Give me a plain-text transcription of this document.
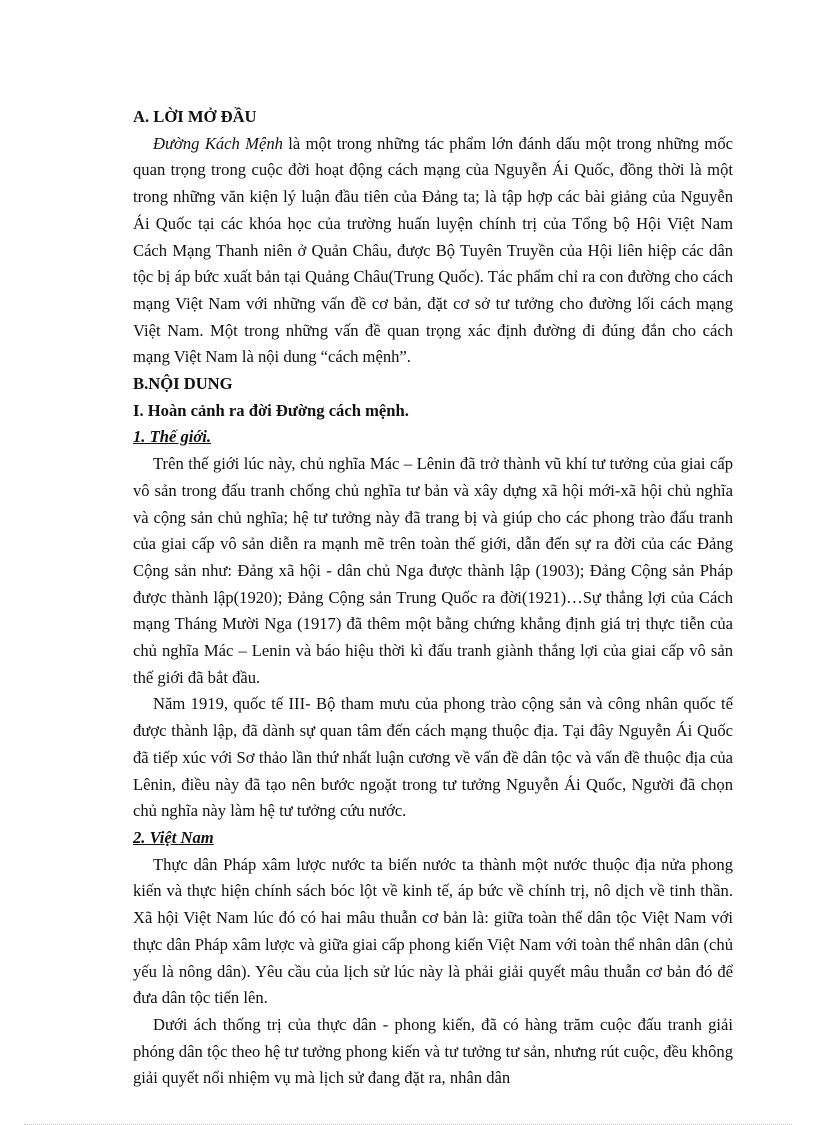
A. LỜI MỞ ĐẦU

Đường Kách Mệnh là một trong những tác phẩm lớn đánh dấu một trong những mốc quan trọng trong cuộc đời hoạt động cách mạng của Nguyễn Ái Quốc, đồng thời là một trong những văn kiện lý luận đầu tiên của Đảng ta; là tập hợp các bài giảng của Nguyễn Ái Quốc tại các khóa học của trường huấn luyện chính trị của Tổng bộ Hội Việt Nam Cách Mạng Thanh niên ở Quản Châu, được Bộ Tuyên Truyền của Hội liên hiệp các dân tộc bị áp bức xuất bản tại Quảng Châu(Trung Quốc). Tác phẩm chỉ ra con đường cho cách mạng Việt Nam với những vấn đề cơ bản, đặt cơ sở tư tưởng cho đường lối cách mạng Việt Nam. Một trong những vấn đề quan trọng xác định đường đi đúng đắn cho cách mạng Việt Nam là nội dung “cách mệnh”.

B.NỘI DUNG
I. Hoàn cảnh ra đời Đường cách mệnh.
1. Thế giới.

Trên thế giới lúc này, chủ nghĩa Mác – Lênin đã trở thành vũ khí tư tưởng của giai cấp vô sản trong đấu tranh chống chủ nghĩa tư bản và xây dựng xã hội mới-xã hội chủ nghĩa và cộng sản chủ nghĩa; hệ tư tưởng này đã trang bị và giúp cho các phong trào đấu tranh của giai cấp vô sản diễn ra mạnh mẽ trên toàn thế giới, dẫn đến sự ra đời của các Đảng Cộng sản như: Đảng xã hội - dân chủ Nga được thành lập (1903); Đảng Cộng sản Pháp được thành lập(1920); Đảng Cộng sản Trung Quốc ra đời(1921)…Sự thắng lợi của Cách mạng Tháng Mười Nga (1917) đã thêm một bằng chứng khẳng định giá trị thực tiễn của chủ nghĩa Mác – Lenin và báo hiệu thời kì đấu tranh giành thắng lợi của giai cấp vô sản thế giới đã bắt đầu.

Năm 1919, quốc tế III- Bộ tham mưu của phong trào cộng sản và công nhân quốc tế được thành lập, đã dành sự quan tâm đến cách mạng thuộc địa. Tại đây Nguyễn Ái Quốc đã tiếp xúc với Sơ thảo lần thứ nhất luận cương về vấn đề dân tộc và vấn đề thuộc địa của Lênin, điều này đã tạo nên bước ngoặt trong tư tưởng Nguyễn Ái Quốc, Người đã chọn chủ nghĩa này làm hệ tư tưởng cứu nước.

2. Việt Nam

Thực dân Pháp xâm lược nước ta biến nước ta thành một nước thuộc địa nửa phong kiến và thực hiện chính sách bóc lột về kinh tế, áp bức về chính trị, nô dịch về tinh thần. Xã hội Việt Nam lúc đó có hai mâu thuẫn cơ bản là: giữa toàn thể dân tộc Việt Nam với thực dân Pháp xâm lược và giữa giai cấp phong kiến Việt Nam với toàn thể nhân dân (chủ yếu là nông dân). Yêu cầu của lịch sử lúc này là phải giải quyết mâu thuẫn cơ bản đó để đưa dân tộc tiến lên.

Dưới ách thống trị của thực dân - phong kiến, đã có hàng trăm cuộc đấu tranh giải phóng dân tộc theo hệ tư tưởng phong kiến và tư tưởng tư sản, nhưng rút cuộc, đều không giải quyết nổi nhiệm vụ mà lịch sử đang đặt ra, nhân dân
